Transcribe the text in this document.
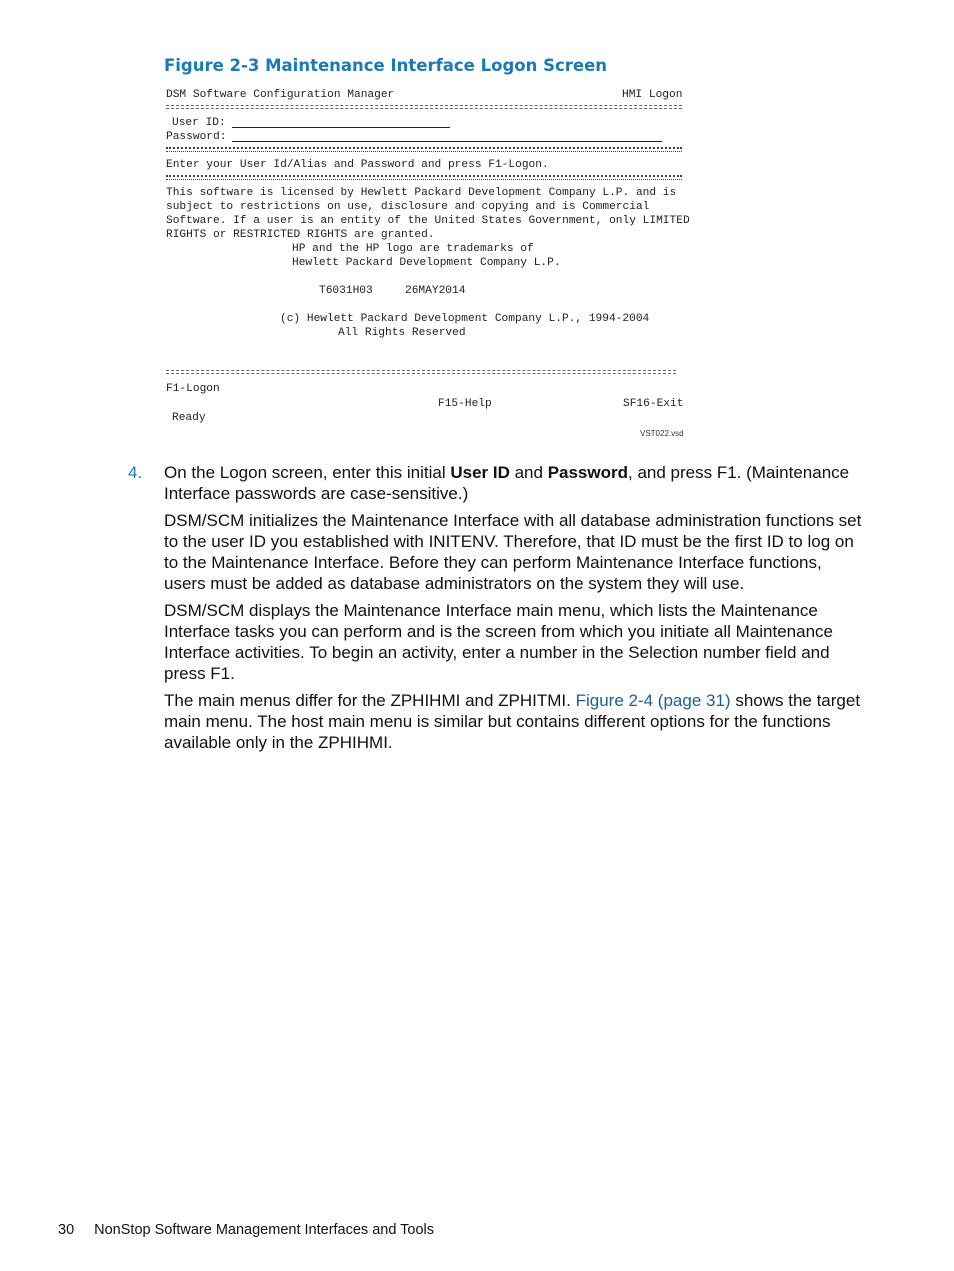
Figure 2-3 Maintenance Interface Logon Screen
DSM Software Configuration Manager	HMI Logon
User ID:
Password:
Enter your User Id/Alias and Password and press F1-Logon.
This software is licensed by Hewlett Packard Development Company L.P. and is
subject to restrictions on use, disclosure and copying and is Commercial
Software. If a user is an entity of the United States Government, only LIMITED
RIGHTS or RESTRICTED RIGHTS are granted.
HP and the HP logo are trademarks of
Hewlett Packard Development Company L.P.
T6031H03	26MAY2014
(c) Hewlett Packard Development Company L.P., 1994-2004
All Rights Reserved
F1-Logon
F15-Help	SF16-Exit
Ready
VST022.vsd
4. On the Logon screen, enter this initial User ID and Password, and press F1. (Maintenance Interface passwords are case-sensitive.)
DSM/SCM initializes the Maintenance Interface with all database administration functions set to the user ID you established with INITENV. Therefore, that ID must be the first ID to log on to the Maintenance Interface. Before they can perform Maintenance Interface functions, users must be added as database administrators on the system they will use.
DSM/SCM displays the Maintenance Interface main menu, which lists the Maintenance Interface tasks you can perform and is the screen from which you initiate all Maintenance Interface activities. To begin an activity, enter a number in the Selection number field and press F1.
The main menus differ for the ZPHIHMI and ZPHITMI. Figure 2-4 (page 31) shows the target main menu. The host main menu is similar but contains different options for the functions available only in the ZPHIHMI.
30 NonStop Software Management Interfaces and Tools
